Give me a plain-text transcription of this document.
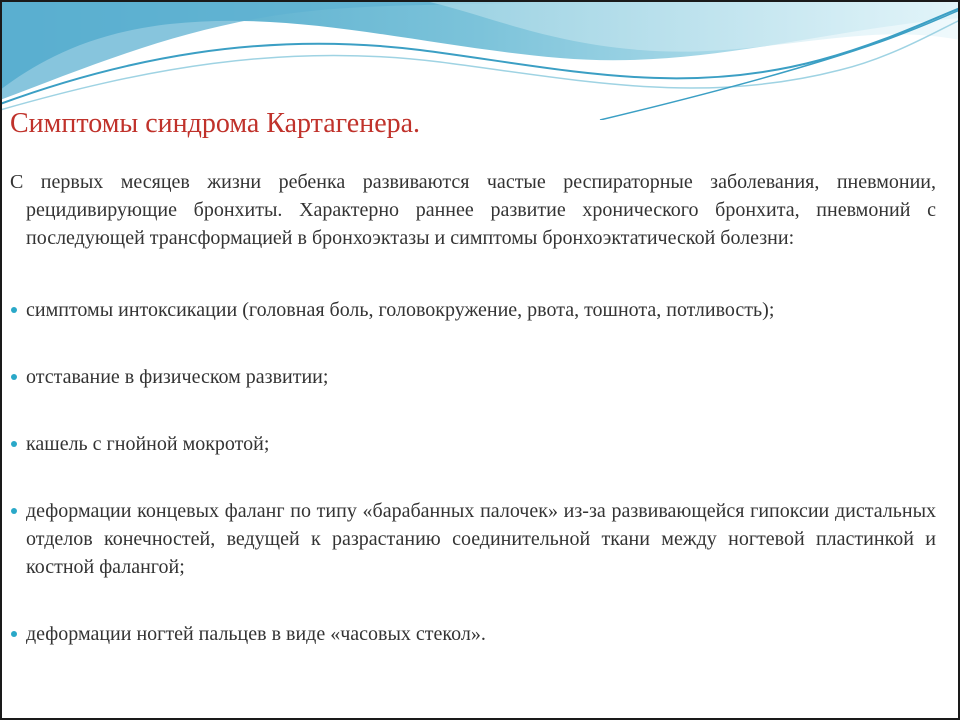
Симптомы синдрома Картагенера.

С первых месяцев жизни ребенка развиваются частые респираторные заболевания, пневмонии, рецидивирующие бронхиты. Характерно раннее развитие хронического бронхита, пневмоний с последующей трансформацией в бронхоэктазы и симптомы бронхоэктатической болезни:

симптомы интоксикации (головная боль, головокружение, рвота, тошнота, потливость);
отставание в физическом развитии;
кашель с гнойной мокротой;
деформации концевых фаланг по типу «барабанных палочек» из-за развивающейся гипоксии дистальных отделов конечностей, ведущей к разрастанию соединительной ткани между ногтевой пластинкой и костной фалангой;
деформации ногтей пальцев в виде «часовых стекол».
